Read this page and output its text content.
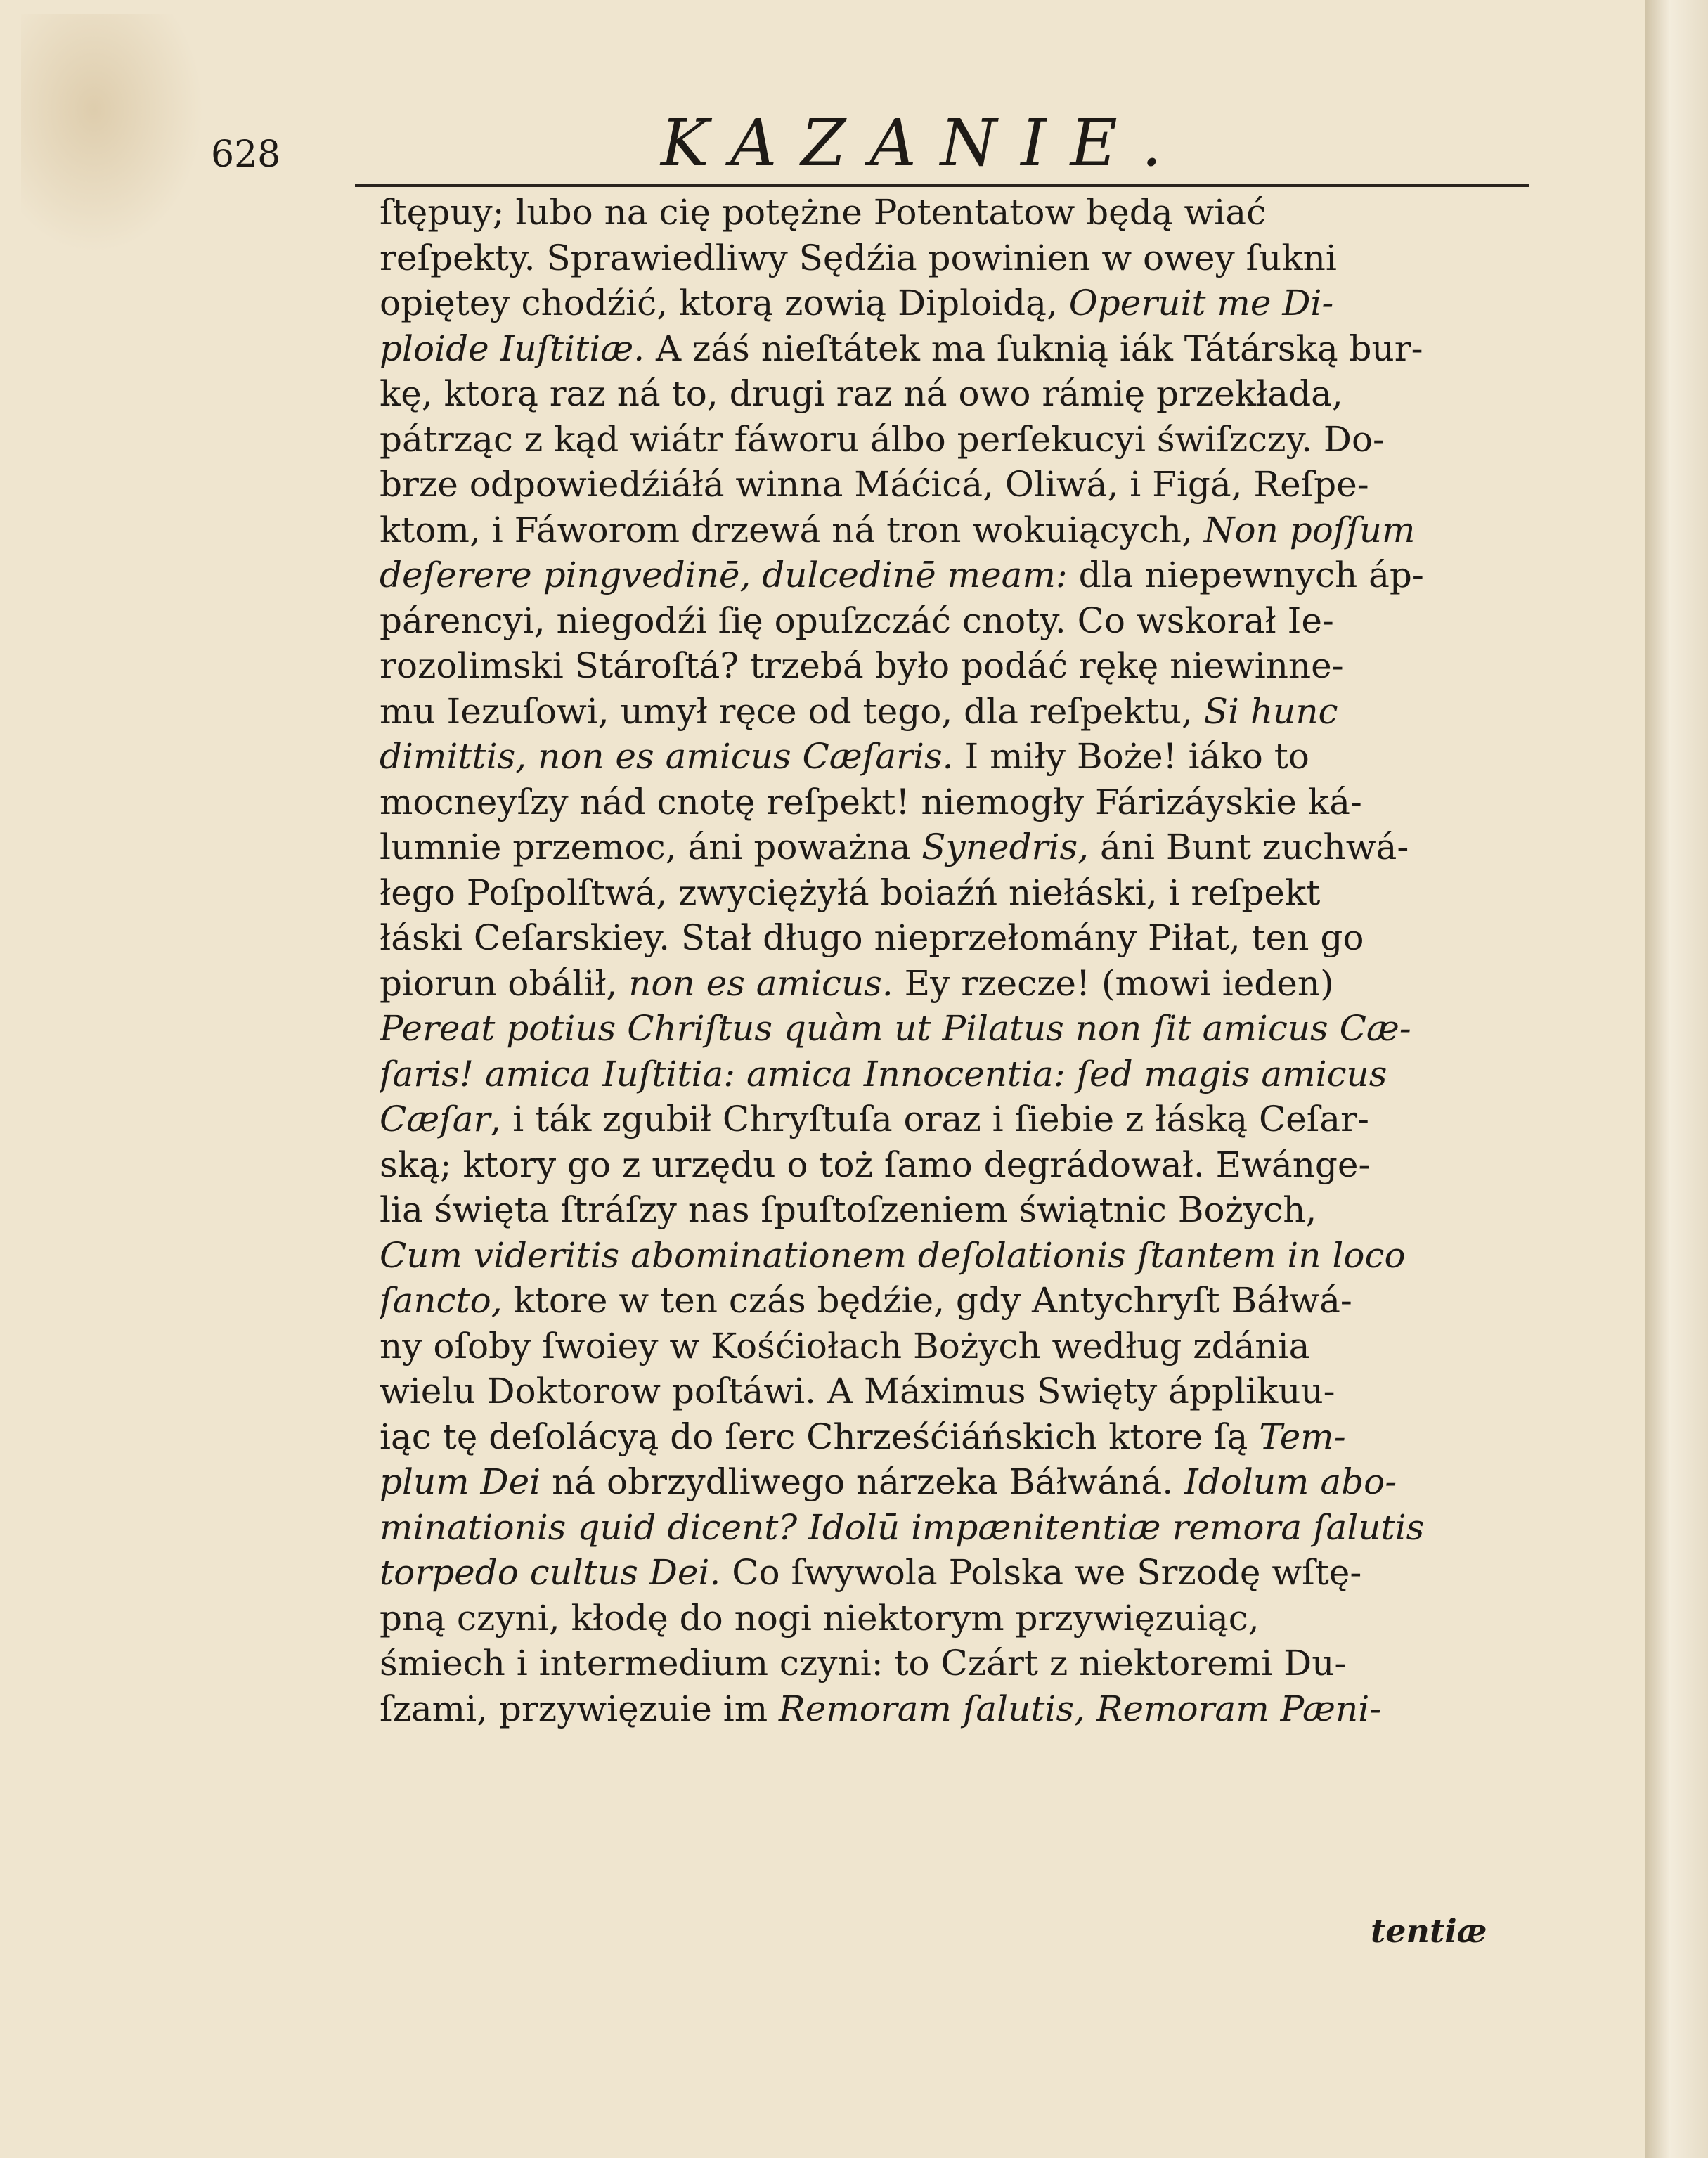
628	KAZANIE.
ſtępuy; lubo na cię potężne Potentatow będą wiać
reſpekty. Sprawiedliwy Sędźia powinien w owey ſukni
opiętey chodźić, ktorą zowią Diploidą, Operuit me Di-
ploide Iuſtitiæ. A záś nieſtátek ma ſuknią iák Tátárską bur-
kę, ktorą raz ná to, drugi raz ná owo rámię przekłada,
pátrząc z kąd wiátr fáworu álbo perſekucyi świſzczy. Do-
brze odpowiedźiáłá winna Máćicá, Oliwá, i Figá, Reſpe-
ktom, i Fáworom drzewá ná tron wokuiących, Non poſſum
deſerere pingvedinē, dulcedinē meam: dla niepewnych áp-
párencyi, niegodźi ſię opuſzczáć cnoty. Co wskorał Ie-
rozolimski Stároſtá? trzebá było podáć rękę niewinne-
mu Iezuſowi, umył ręce od tego, dla reſpektu, Si hunc
dimittis, non es amicus Cæſaris. I miły Boże! iáko to
mocneyſzy nád cnotę reſpekt! niemogły Fárizáyskie ká-
lumnie przemoc, áni poważna Synedris, áni Bunt zuchwá-
łego Poſpolſtwá, zwyciężyłá boiaźń niełáski, i reſpekt
łáski Ceſarskiey. Stał długo nieprzełomány Piłat, ten go
piorun obálił, non es amicus. Ey rzecze! (mowi ieden)
Pereat potius Chriſtus quàm ut Pilatus non ſit amicus Cæ-
ſaris! amica Iuſtitia: amica Innocentia: ſed magis amicus
Cæſar, i ták zgubił Chryſtuſa oraz i ſiebie z łáską Ceſar-
ską; ktory go z urzędu o toż ſamo degrádował. Ewánge-
lia święta ſtráſzy nas ſpuſtoſzeniem świątnic Bożych,
Cum videritis abominationem deſolationis ſtantem in loco
ſancto, ktore w ten czás będźie, gdy Antychryſt Báłwá-
ny oſoby ſwoiey w Kośćiołach Bożych według zdánia
wielu Doktorow poſtáwi. A Máximus Swięty ápplikuu-
iąc tę deſolácyą do ſerc Chrześćiáńskich ktore ſą Tem-
plum Dei ná obrzydliwego nárzeka Báłwáná. Idolum abo-
minationis quid dicent? Idolū impænitentiæ remora ſalutis
torpedo cultus Dei. Co ſwywola Polska we Srzodę wſtę-
pną czyni, kłodę do nogi niektorym przywięzuiąc,
śmiech i intermedium czyni: to Czárt z niektoremi Du-
ſzami, przywięzuie im Remoram ſalutis, Remoram Pæni-
tentiæ
